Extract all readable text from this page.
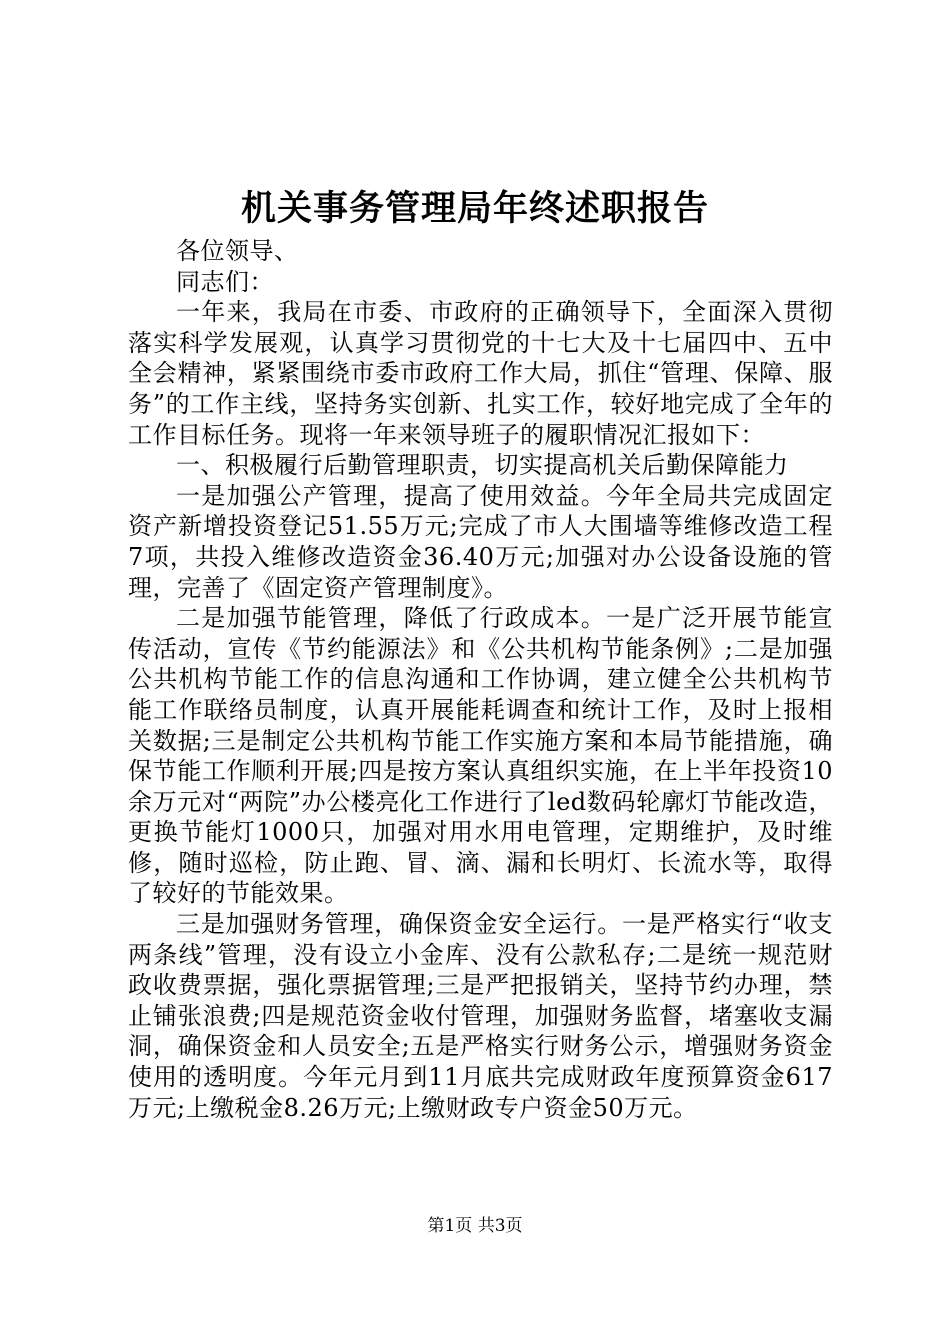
机关事务管理局年终述职报告

各位领导、

同志们：

一年来，我局在市委、市政府的正确领导下，全面深入贯彻落实科学发展观，认真学习贯彻党的十七大及十七届四中、五中全会精神，紧紧围绕市委市政府工作大局，抓住“管理、保障、服务”的工作主线，坚持务实创新、扎实工作，较好地完成了全年的工作目标任务。现将一年来领导班子的履职情况汇报如下：

一、积极履行后勤管理职责，切实提高机关后勤保障能力

一是加强公产管理，提高了使用效益。今年全局共完成固定资产新增投资登记51.55万元;完成了市人大围墙等维修改造工程7项，共投入维修改造资金36.40万元;加强对办公设备设施的管理，完善了《固定资产管理制度》。

二是加强节能管理，降低了行政成本。一是广泛开展节能宣传活动，宣传《节约能源法》和《公共机构节能条例》;二是加强公共机构节能工作的信息沟通和工作协调，建立健全公共机构节能工作联络员制度，认真开展能耗调查和统计工作，及时上报相关数据;三是制定公共机构节能工作实施方案和本局节能措施，确保节能工作顺利开展;四是按方案认真组织实施，在上半年投资10余万元对“两院”办公楼亮化工作进行了led数码轮廓灯节能改造，更换节能灯1000只，加强对用水用电管理，定期维护，及时维修，随时巡检，防止跑、冒、滴、漏和长明灯、长流水等，取得了较好的节能效果。

三是加强财务管理，确保资金安全运行。一是严格实行“收支两条线”管理，没有设立小金库、没有公款私存;二是统一规范财政收费票据，强化票据管理;三是严把报销关，坚持节约办理，禁止铺张浪费;四是规范资金收付管理，加强财务监督，堵塞收支漏洞，确保资金和人员安全;五是严格实行财务公示，增强财务资金使用的透明度。今年元月到11月底共完成财政年度预算资金617万元;上缴税金8.26万元;上缴财政专户资金50万元。

第1页 共3页
